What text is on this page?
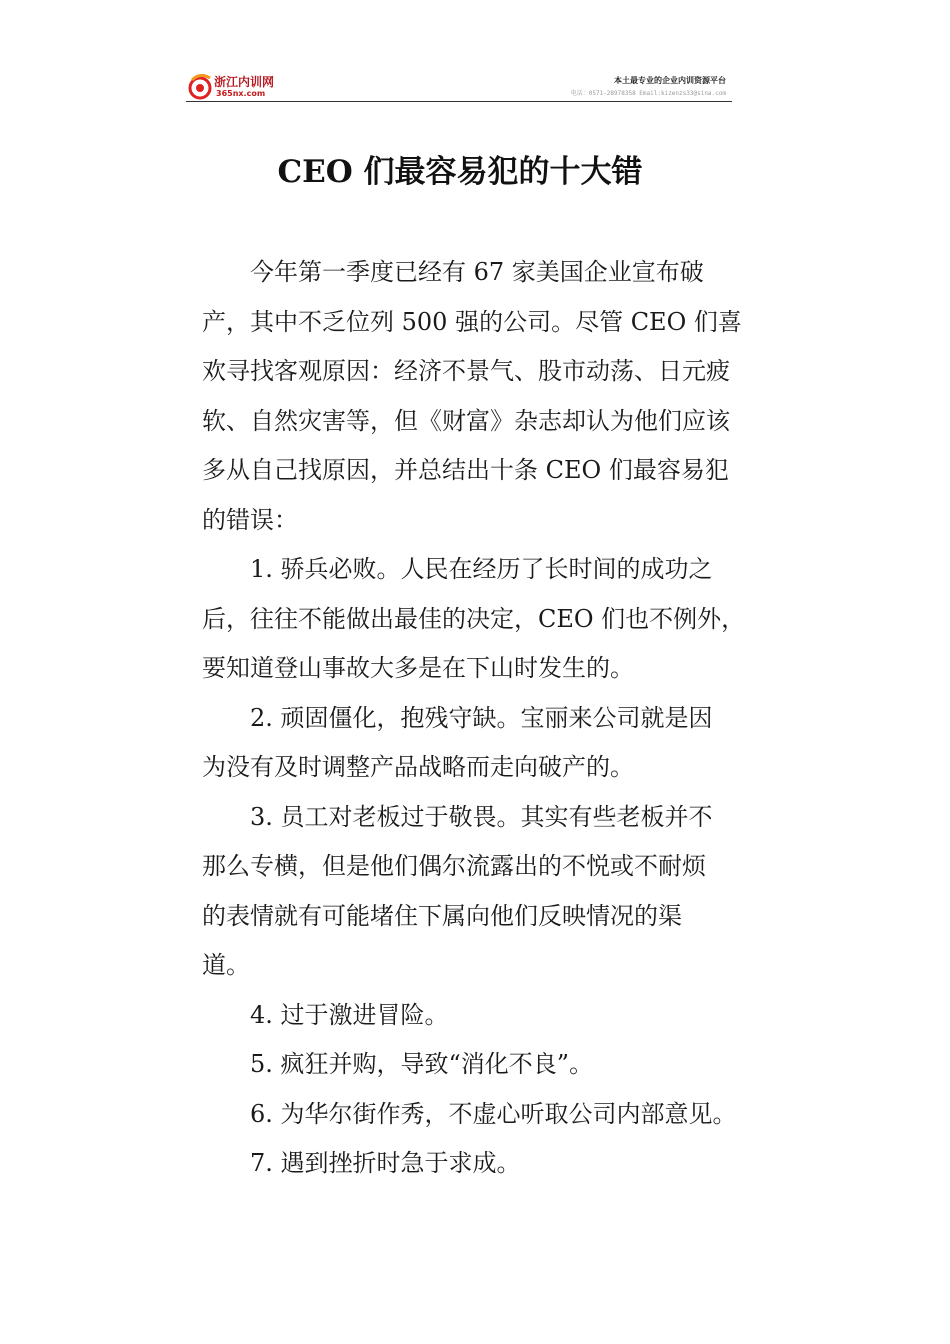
浙江内训网
365nx.com
本土最专业的企业内训资源平台
电话：0571-28978358 Email:kizenzs33@sina.com
CEO 们最容易犯的十大错
今年第一季度已经有 67 家美国企业宣布破
产，其中不乏位列 500 强的公司。尽管 CEO 们喜
欢寻找客观原因：经济不景气、股市动荡、日元疲
软、自然灾害等，但《财富》杂志却认为他们应该
多从自己找原因，并总结出十条 CEO 们最容易犯
的错误：
1. 骄兵必败。人民在经历了长时间的成功之
后，往往不能做出最佳的决定，CEO 们也不例外，
要知道登山事故大多是在下山时发生的。
2. 顽固僵化，抱残守缺。宝丽来公司就是因
为没有及时调整产品战略而走向破产的。
3. 员工对老板过于敬畏。其实有些老板并不
那么专横，但是他们偶尔流露出的不悦或不耐烦
的表情就有可能堵住下属向他们反映情况的渠
道。
4. 过于激进冒险。
5. 疯狂并购，导致“消化不良”。
6. 为华尔街作秀，不虚心听取公司内部意见。
7. 遇到挫折时急于求成。
